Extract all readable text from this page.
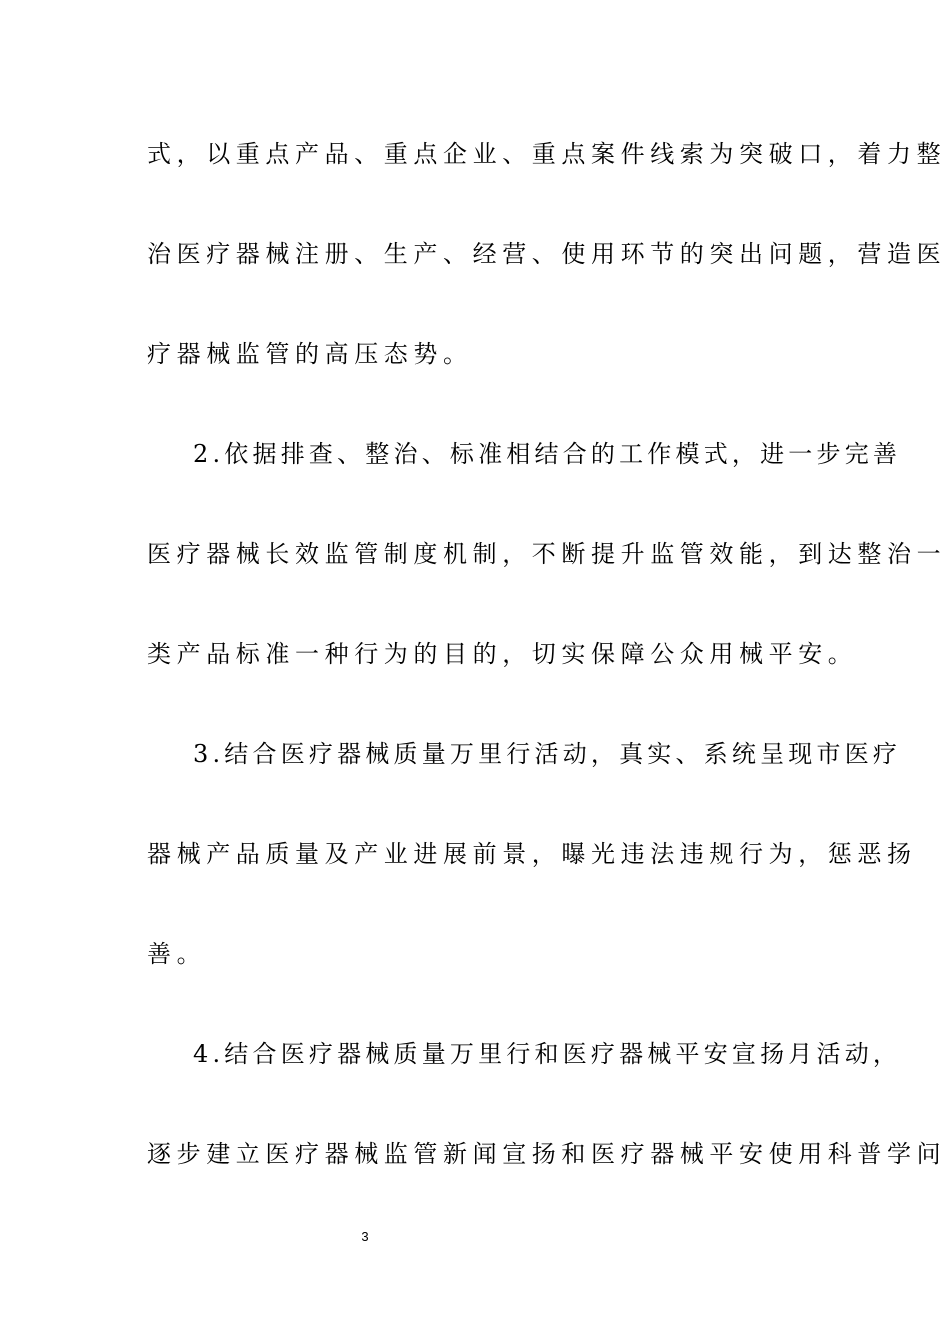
式，以重点产品、重点企业、重点案件线索为突破口，着力整
治医疗器械注册、生产、经营、使用环节的突出问题，营造医
疗器械监管的高压态势。
2.依据排查、整治、标准相结合的工作模式，进一步完善
医疗器械长效监管制度机制，不断提升监管效能，到达整治一
类产品标准一种行为的目的，切实保障公众用械平安。
3.结合医疗器械质量万里行活动，真实、系统呈现市医疗
器械产品质量及产业进展前景，曝光违法违规行为，惩恶扬
善。
4.结合医疗器械质量万里行和医疗器械平安宣扬月活动，
逐步建立医疗器械监管新闻宣扬和医疗器械平安使用科普学问
3
